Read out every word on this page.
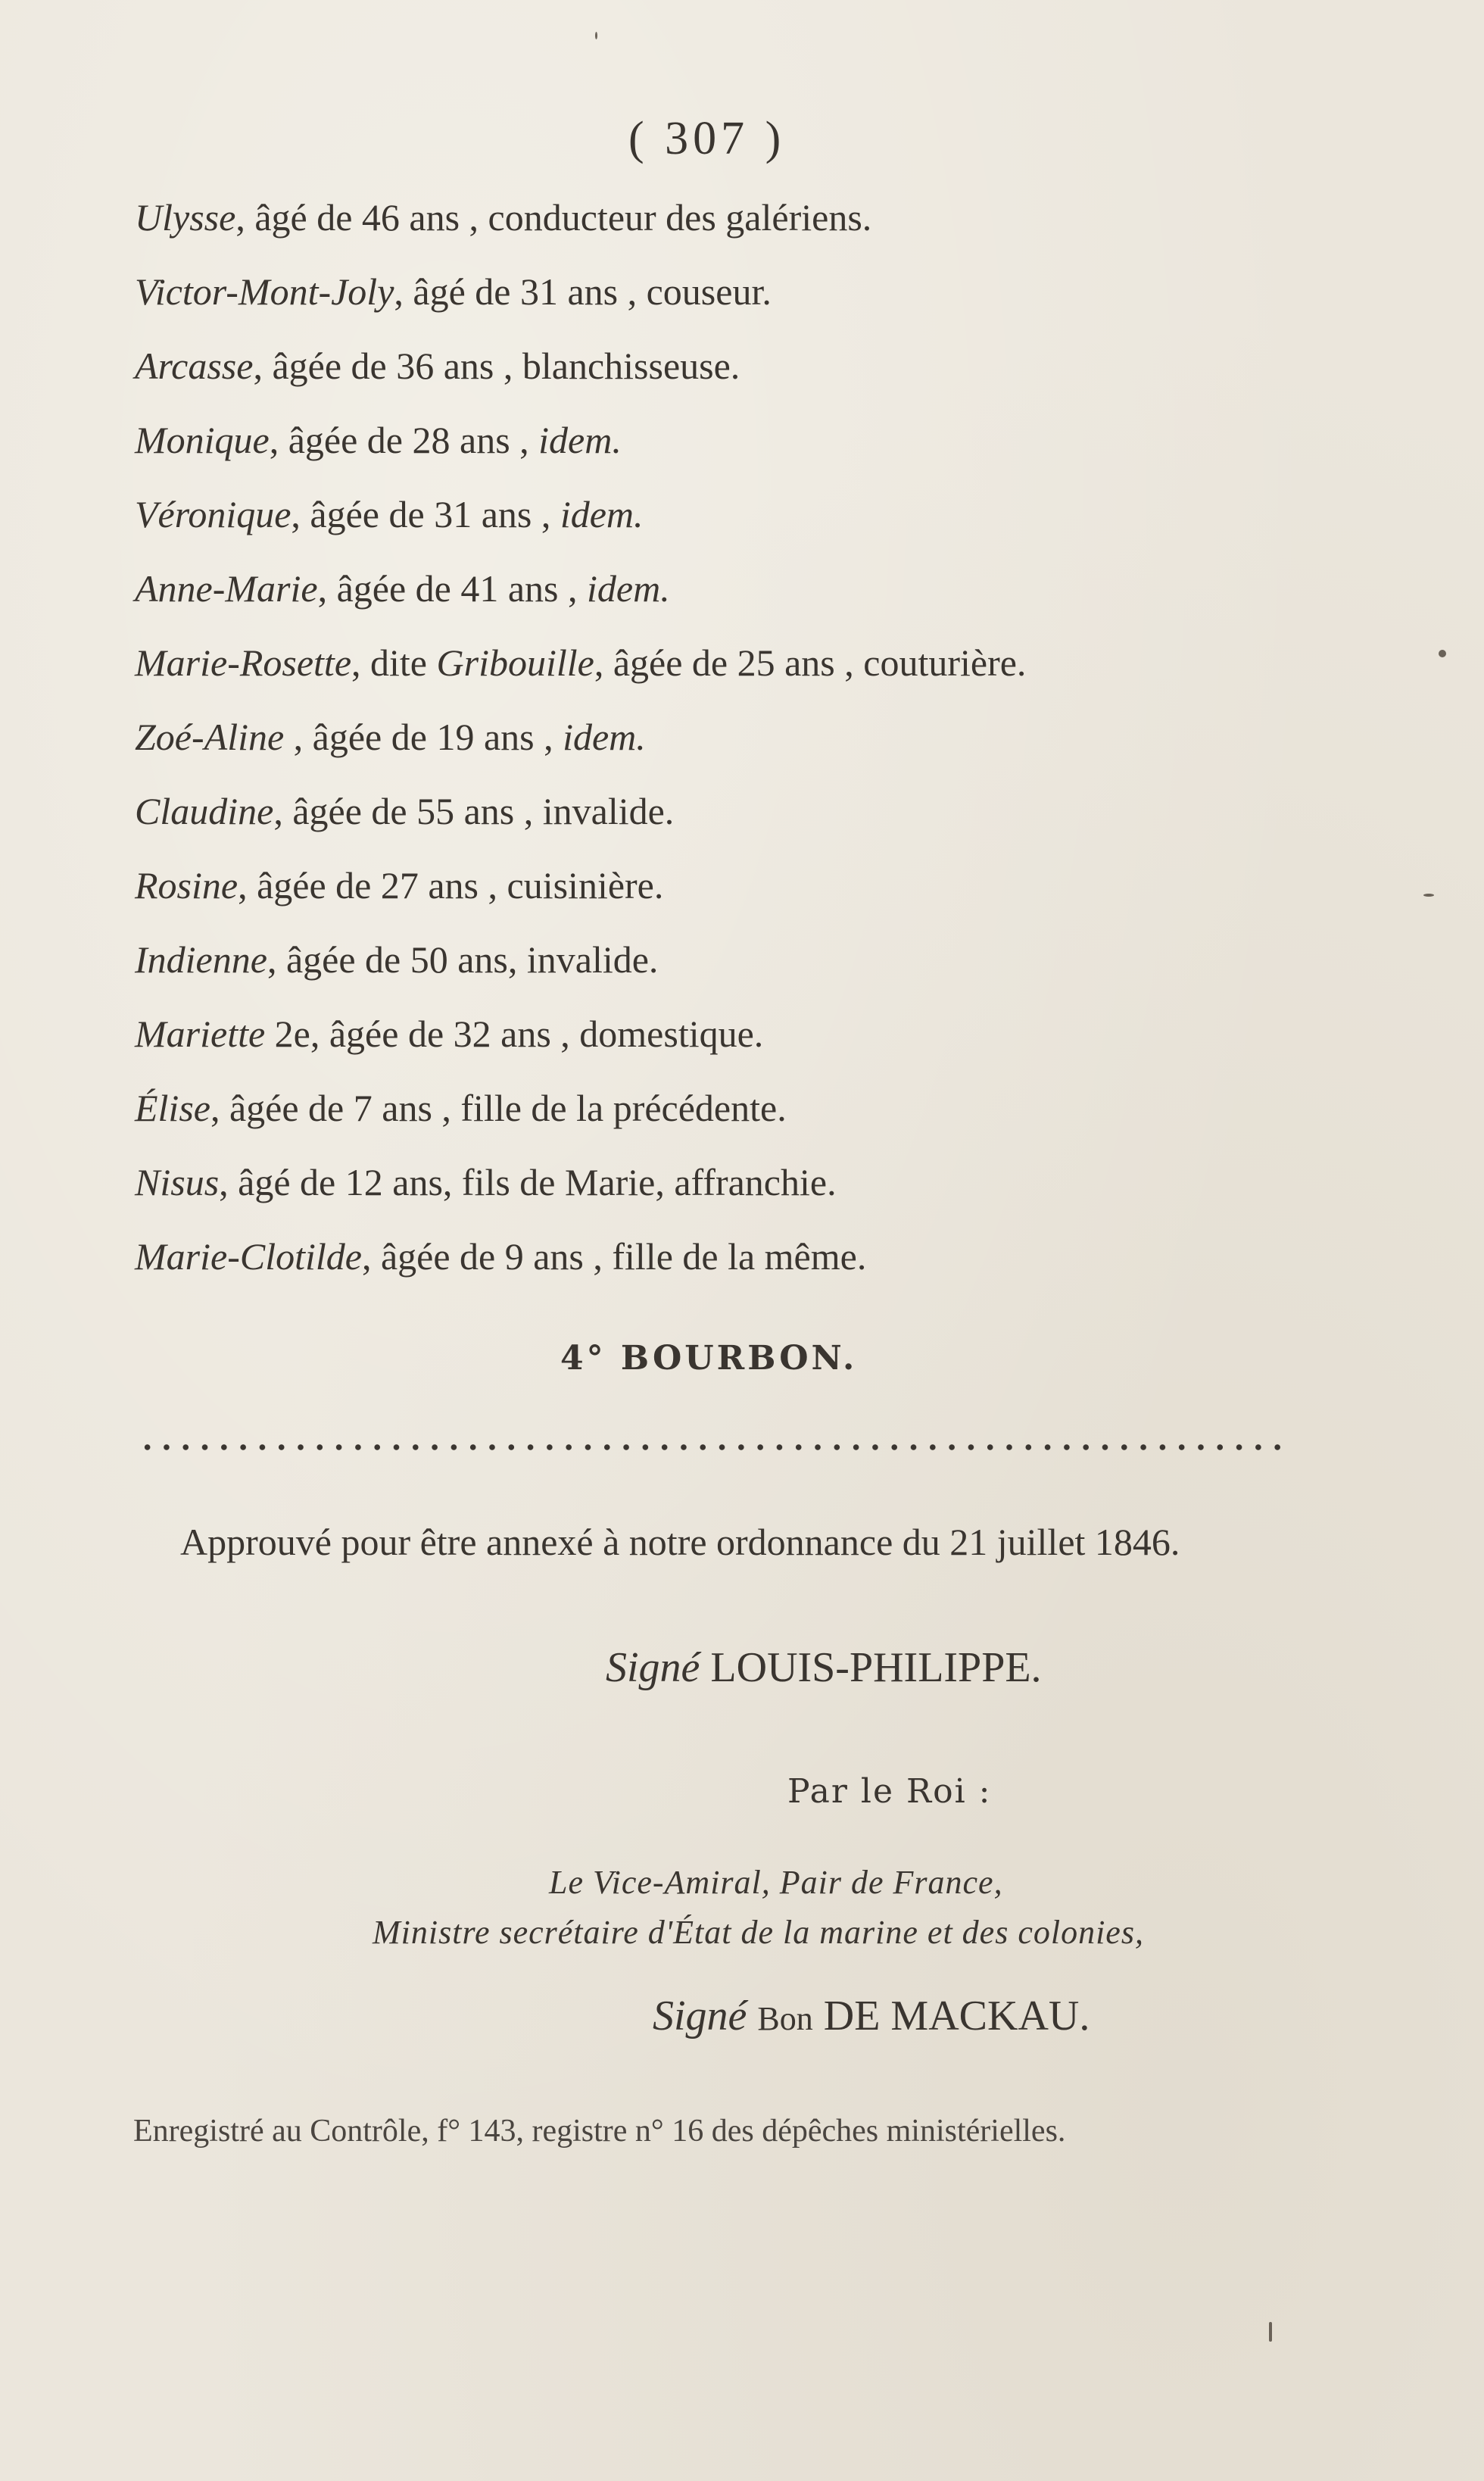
( 307 )
Ulysse, âgé de 46 ans , conducteur des galériens.
Victor-Mont-Joly, âgé de 31 ans , couseur.
Arcasse, âgée de 36 ans , blanchisseuse.
Monique, âgée de 28 ans , idem.
Véronique, âgée de 31 ans , idem.
Anne-Marie, âgée de 41 ans , idem.
Marie-Rosette, dite Gribouille, âgée de 25 ans , couturière.
Zoé-Aline , âgée de 19 ans , idem.
Claudine, âgée de 55 ans , invalide.
Rosine, âgée de 27 ans , cuisinière.
Indienne, âgée de 50 ans, invalide.
Mariette 2e, âgée de 32 ans , domestique.
Élise, âgée de 7 ans , fille de la précédente.
Nisus, âgé de 12 ans, fils de Marie, affranchie.
Marie-Clotilde, âgée de 9 ans , fille de la même.
4° BOURBON.
Approuvé pour être annexé à notre ordonnance du 21 juillet 1846.
Signé LOUIS-PHILIPPE.
Par le Roi :
Le Vice-Amiral, Pair de France,
Ministre secrétaire d'État de la marine et des colonies,
Signé Bon DE MACKAU.
Enregistré au Contrôle, f° 143, registre n° 16 des dépêches ministérielles.
